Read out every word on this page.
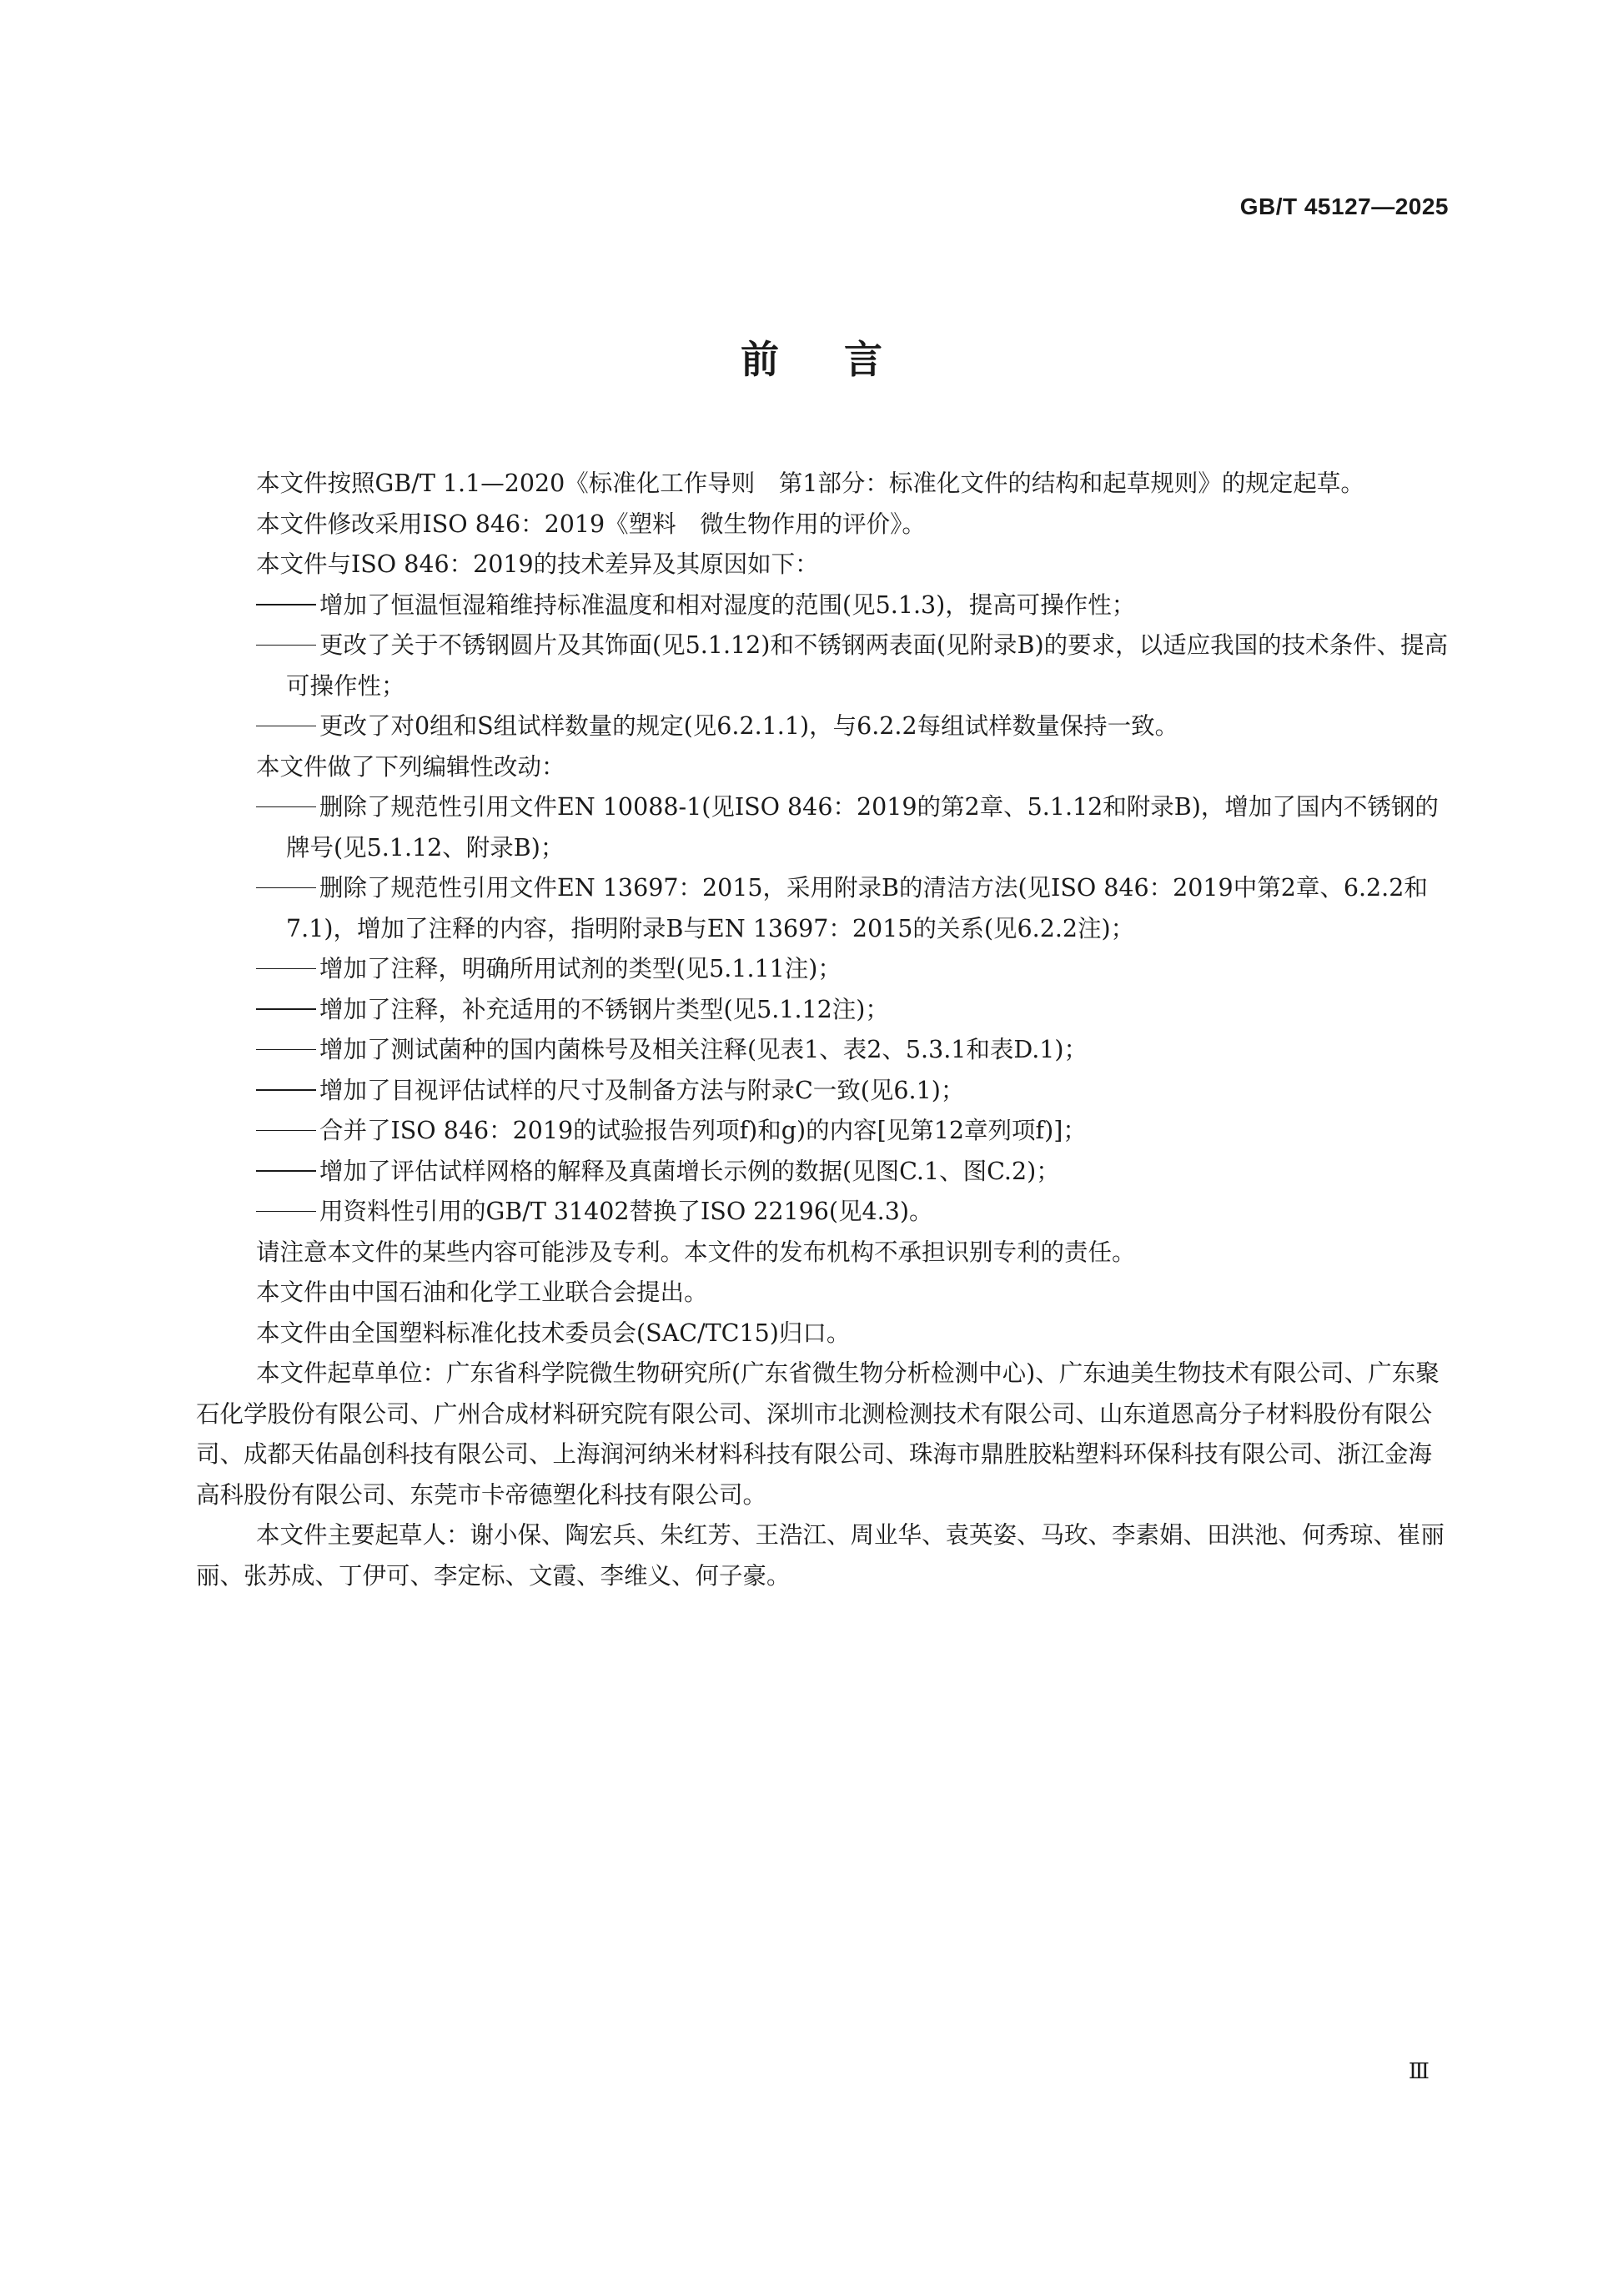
GB/T 45127—2025
前言

本文件按照GB/T 1.1—2020《标准化工作导则　第1部分：标准化文件的结构和起草规则》的规定起草。

本文件修改采用ISO 846：2019《塑料　微生物作用的评价》。

本文件与ISO 846：2019的技术差异及其原因如下：

增加了恒温恒湿箱维持标准温度和相对湿度的范围(见5.1.3)，提高可操作性；

更改了关于不锈钢圆片及其饰面(见5.1.12)和不锈钢两表面(见附录B)的要求，以适应我国的技术条件、提高可操作性；

更改了对0组和S组试样数量的规定(见6.2.1.1)，与6.2.2每组试样数量保持一致。

本文件做了下列编辑性改动：

删除了规范性引用文件EN 10088-1(见ISO 846：2019的第2章、5.1.12和附录B)，增加了国内不锈钢的牌号(见5.1.12、附录B)；

删除了规范性引用文件EN 13697：2015，采用附录B的清洁方法(见ISO 846：2019中第2章、6.2.2和7.1)，增加了注释的内容，指明附录B与EN 13697：2015的关系(见6.2.2注)；

增加了注释，明确所用试剂的类型(见5.1.11注)；

增加了注释，补充适用的不锈钢片类型(见5.1.12注)；

增加了测试菌种的国内菌株号及相关注释(见表1、表2、5.3.1和表D.1)；

增加了目视评估试样的尺寸及制备方法与附录C一致(见6.1)；

合并了ISO 846：2019的试验报告列项f)和g)的内容[见第12章列项f)]；

增加了评估试样网格的解释及真菌增长示例的数据(见图C.1、图C.2)；

用资料性引用的GB/T 31402替换了ISO 22196(见4.3)。

请注意本文件的某些内容可能涉及专利。本文件的发布机构不承担识别专利的责任。

本文件由中国石油和化学工业联合会提出。

本文件由全国塑料标准化技术委员会(SAC/TC15)归口。

本文件起草单位：广东省科学院微生物研究所(广东省微生物分析检测中心)、广东迪美生物技术有限公司、广东聚石化学股份有限公司、广州合成材料研究院有限公司、深圳市北测检测技术有限公司、山东道恩高分子材料股份有限公司、成都天佑晶创科技有限公司、上海润河纳米材料科技有限公司、珠海市鼎胜胶粘塑料环保科技有限公司、浙江金海高科股份有限公司、东莞市卡帝德塑化科技有限公司。

本文件主要起草人：谢小保、陶宏兵、朱红芳、王浩江、周业华、袁英姿、马玫、李素娟、田洪池、何秀琼、崔丽丽、张苏成、丁伊可、李定标、文霞、李维义、何子豪。

Ⅲ
